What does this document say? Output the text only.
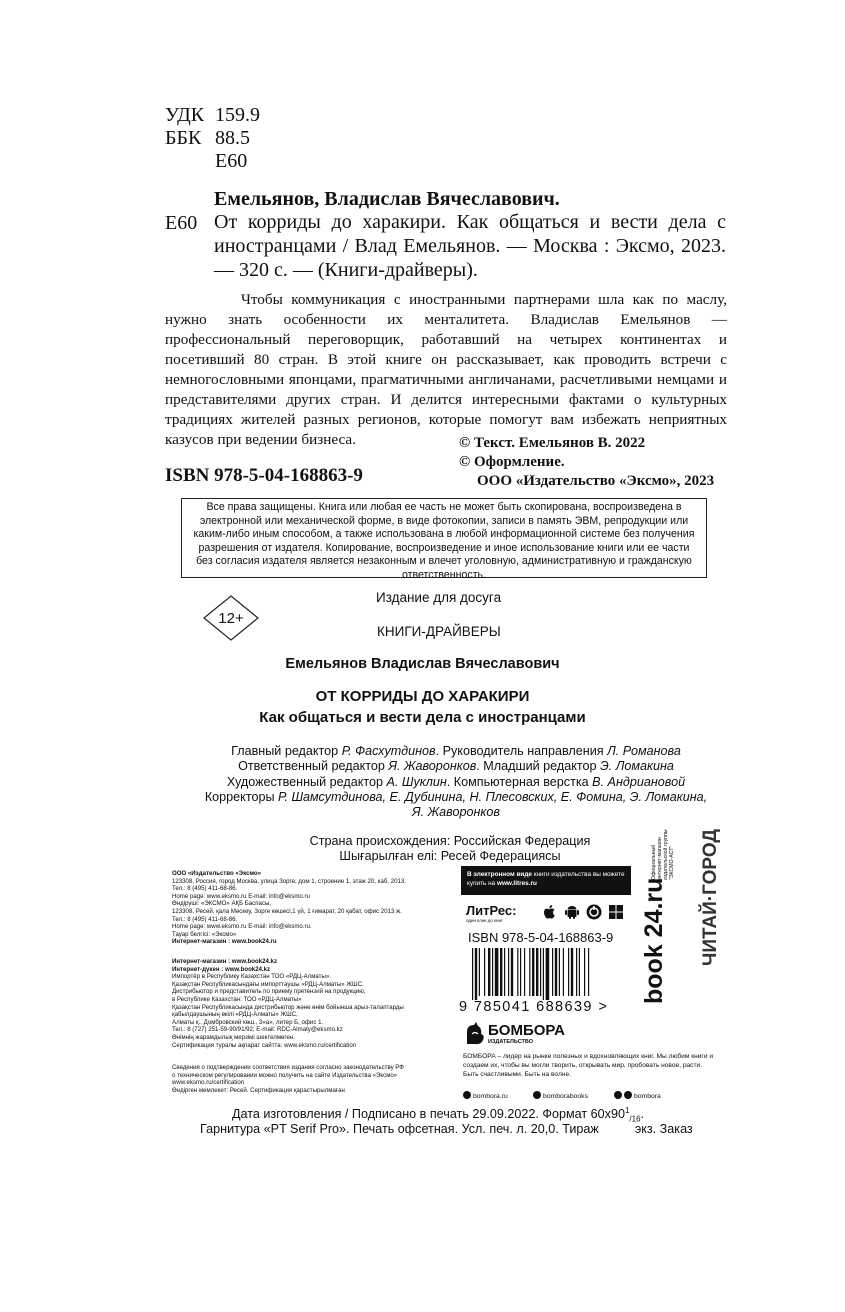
УДК 159.9
ББК 88.5
Е60
Емельянов, Владислав Вячеславович.
Е60 От корриды до харакири. Как общаться и вести дела с иностранцами / Влад Емельянов. — Москва : Эксмо, 2023. — 320 с. — (Книги-драйверы).
Чтобы коммуникация с иностранными партнерами шла как по маслу, нужно знать особенности их менталитета. Владислав Емельянов — профессиональный переговорщик, работавший на четырех континентах и посетивший 80 стран. В этой книге он рассказывает, как проводить встречи с немногословными японцами, прагматичными англичанами, расчетливыми немцами и представителями других стран. И делится интересными фактами о культурных традициях жителей разных регионов, которые помогут вам избежать неприятных казусов при ведении бизнеса.	© Текст. Емельянов В. 2022
© Оформление.
ООО «Издательство «Эксмо», 2023
ISBN 978-5-04-168863-9
Все права защищены. Книга или любая ее часть не может быть скопирована, воспроизведена в
электронной или механической форме, в виде фотокопии, записи в память ЭВМ, репродукции или
каким-либо иным способом, а также использована в любой информационной системе без получения
разрешения от издателя. Копирование, воспроизведение и иное использование книги или ее части
без согласия издателя является незаконным и влечет уголовную, административную и гражданскую
ответственность.
12+
Издание для досуга
КНИГИ-ДРАЙВЕРЫ
Емельянов Владислав Вячеславович
ОТ КОРРИДЫ ДО ХАРАКИРИ
Как общаться и вести дела с иностранцами
Главный редактор Р. Фасхутдинов. Руководитель направления Л. Романова
Ответственный редактор Я. Жаворонков. Младший редактор Э. Ломакина
Художественный редактор А. Шуклин. Компьютерная верстка В. Андриановой
Корректоры Р. Шамсутдинова, Е. Дубинина, Н. Плесовских, Е. Фомина, Э. Ломакина,
Я. Жаворонков
Страна происхождения: Российская Федерация
Шығарылған елі: Ресей Федерациясы
ООО «Издательство «Эксмо»
123308, Россия, город Москва, улица Зорге, дом 1, строение 1, этаж 20, каб. 2013.
Тел.: 8 (495) 411-68-86.
Home page: www.eksmo.ru E-mail: info@eksmo.ru
Өндіруші: «ЭКСМО» АҚБ Баспасы,
123308, Ресей, қала Мәскеу, Зорге көшесі,1 үй, 1 ғимарат, 20 қабат, офис 2013 ж.
Тел.: 8 (495) 411-68-86.
Home page: www.eksmo.ru E-mail: info@eksmo.ru.
Тауар белгісі: «Эксмо»
Интернет-магазин : www.book24.ru
Интернет-магазин : www.book24.kz
Интернет-дүкен : www.book24.kz
Импортёр в Республику Казахстан ТОО «РДЦ-Алматы».
Қазақстан Республикасындағы импорттаушы «РДЦ-Алматы» ЖШС.
Дистрибьютор и представитель по приему претензий на продукцию,
в Республике Казахстан: ТОО «РДЦ-Алматы»
Қазақстан Республикасында дистрибьютор және өнім бойынша арыз-талаптарды
қабылдаушының өкілі «РДЦ-Алматы» ЖШС,
Алматы қ., Домбровский көш., 3«а», литер Б, офис 1.
Тел.: 8 (727) 251-59-90/91/92; E-mail: RDC-Almaty@eksmo.kz
Өнімнің жарамдылық мерзімі шектелмеген.
Сертификация туралы ақпарат сайтта: www.eksmo.ru/certification
Сведения о подтверждении соответствия издания согласно законодательству РФ
о техническом регулировании можно получить на сайте Издательства «Эксмо»
www.eksmo.ru/certification
Өндірген мемлекет: Ресей. Сертификация қарастырылмаған
В электронном виде книги издательства вы можете
купить на www.litres.ru
ЛитРес:
один клик до книг
ISBN 978-5-04-168863-9
9 785041 688639 >
БОМБОРА
ИЗДАТЕЛЬСТВО
БОМБОРА – лидер на рынке полезных и вдохновляющих книг. Мы любим книги и создаем их, чтобы вы могли творить, открывать мир, пробовать новое, расти. Быть счастливыми. Быть на волне.
bombora.ru	bomborabooks	bombora
book 24.ru
Официальный интернет-магазин издательской группы "ЭКСМО-АСТ" ЧИТАЙ·ГОРОД
Дата изготовления / Подписано в печать 29.09.2022. Формат $60x90^1_{/16}$.
Гарнитура «PT Serif Pro». Печать офсетная. Усл. печ. л. 20,0. Тираж	экз. Заказ
